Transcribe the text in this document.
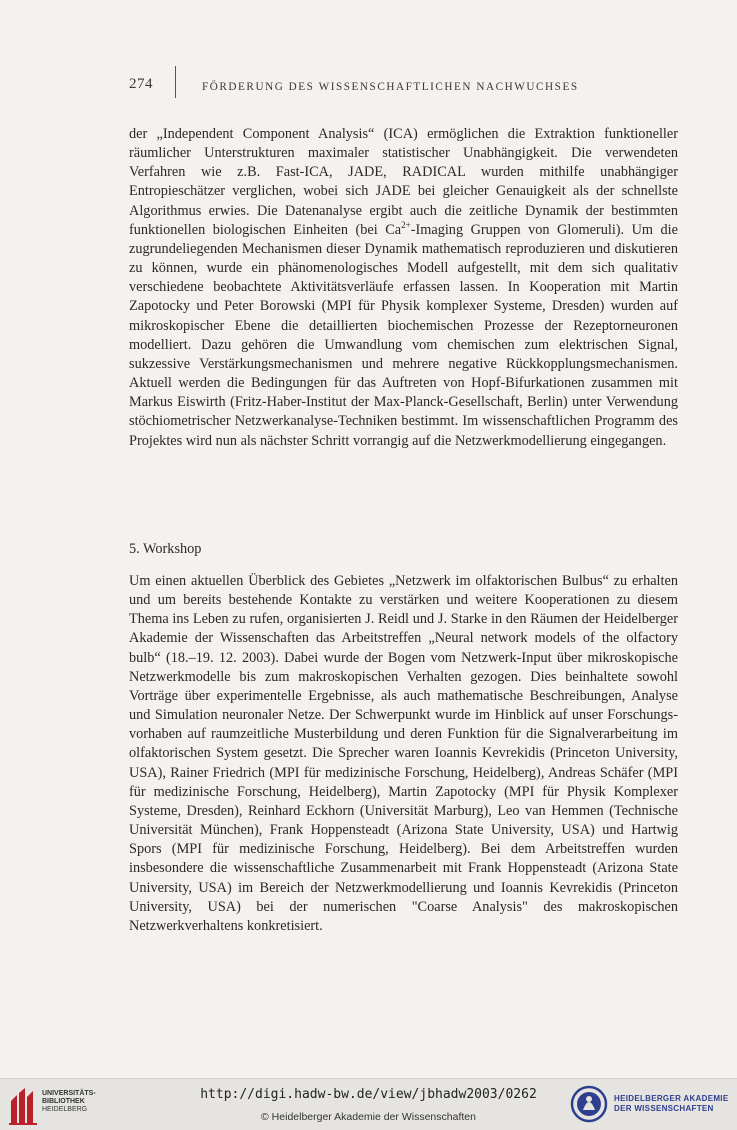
274	FÖRDERUNG DES WISSENSCHAFTLICHEN NACHWUCHSES

der „Independent Component Analysis“ (ICA) ermöglichen die Extraktion funktioneller räumlicher Unterstrukturen maximaler statistischer Unabhängigkeit. Die verwendeten Verfahren wie z.B. Fast-ICA, JADE, RADICAL wurden mithilfe unabhängiger Entropieschätzer verglichen, wobei sich JADE bei gleicher Genauigkeit als der schnellste Algorithmus erwies. Die Datenanalyse ergibt auch die zeitliche Dynamik der bestimmten funktionellen biologischen Einheiten (bei $Ca^{2+}$-Imaging Gruppen von Glomeruli). Um die zugrundeliegenden Mechanismen dieser Dynamik mathematisch reproduzieren und diskutieren zu können, wurde ein phänomenologisches Modell aufgestellt, mit dem sich qualitativ verschiedene beobachtete Aktivitätsverläufe erfassen lassen. In Kooperation mit Martin Zapotocky und Peter Borowski (MPI für Physik komplexer Systeme, Dresden) wurden auf mikroskopischer Ebene die detaillierten biochemischen Prozesse der Rezeptorneuronen modelliert. Dazu gehören die Umwandlung vom chemischen zum elektrischen Signal, sukzessive Verstärkungsmechanismen und mehrere negative Rückkopplungsmechanismen. Aktuell werden die Bedingungen für das Auftreten von Hopf-Bifurkationen zusammen mit Markus Eiswirth (Fritz-Haber-Institut der Max-Planck-Gesellschaft, Berlin) unter Verwendung stöchiometrischer Netzwerkanalyse-Techniken bestimmt. Im wissenschaftlichen Programm des Projektes wird nun als nächster Schritt vorrangig auf die Netzwerkmodellierung eingegangen.

5. Workshop

Um einen aktuellen Überblick des Gebietes „Netzwerk im olfaktorischen Bulbus“ zu erhalten und um bereits bestehende Kontakte zu verstärken und weitere Kooperationen zu diesem Thema ins Leben zu rufen, organisierten J. Reidl und J. Starke in den Räumen der Heidelberger Akademie der Wissenschaften das Arbeitstreffen „Neural network models of the olfactory bulb“ (18.–19. 12. 2003). Dabei wurde der Bogen vom Netzwerk-Input über mikroskopische Netzwerkmodelle bis zum makroskopischen Verhalten gezogen. Dies beinhaltete sowohl Vorträge über experimentelle Ergebnisse, als auch mathematische Beschreibungen, Analyse und Simulation neuronaler Netze. Der Schwerpunkt wurde im Hinblick auf unser Forschungsvorhaben auf raumzeitliche Musterbildung und deren Funktion für die Signalverarbeitung im olfaktorischen System gesetzt. Die Sprecher waren Ioannis Kevrekidis (Princeton University, USA), Rainer Friedrich (MPI für medizinische Forschung, Heidelberg), Andreas Schäfer (MPI für medizinische Forschung, Heidelberg), Martin Zapotocky (MPI für Physik Komplexer Systeme, Dresden), Reinhard Eckhorn (Universität Marburg), Leo van Hemmen (Technische Universität München), Frank Hoppensteadt (Arizona State University, USA) und Hartwig Spors (MPI für medizinische Forschung, Heidelberg). Bei dem Arbeitstreffen wurden insbesondere die wissenschaftliche Zusammenarbeit mit Frank Hoppensteadt (Arizona State University, USA) im Bereich der Netzwerkmodellierung und Ioannis Kevrekidis (Princeton University, USA) bei der numerischen "Coarse Analysis" des makroskopischen Netzwerkverhaltens konkretisiert.

UNIVERSITÄTS-
BIBLIOTHEK
HEIDELBERG
http://digi.hadw-bw.de/view/jbhadw2003/0262
© Heidelberger Akademie der Wissenschaften
HEIDELBERGER AKADEMIE
DER WISSENSCHAFTEN
